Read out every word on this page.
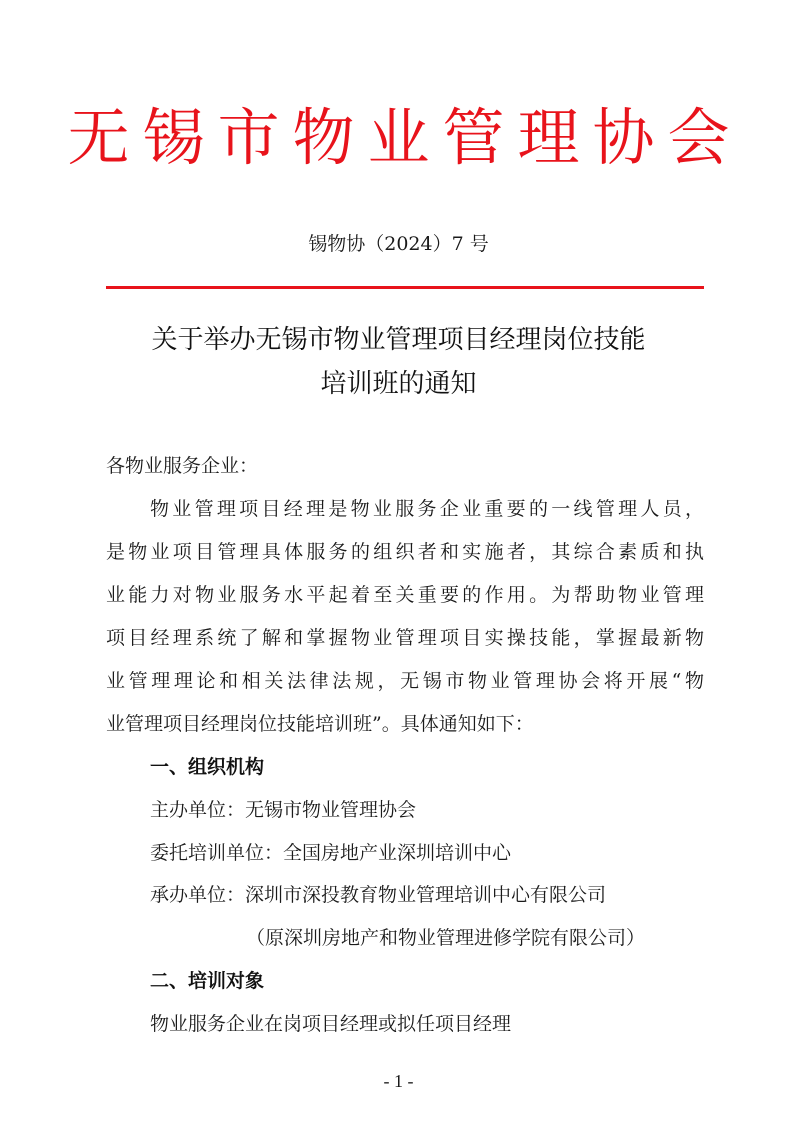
无锡市物业管理协会
锡物协（2024）7 号
关于举办无锡市物业管理项目经理岗位技能
培训班的通知
各物业服务企业：
物业管理项目经理是物业服务企业重要的一线管理人员，
是物业项目管理具体服务的组织者和实施者，其综合素质和执
业能力对物业服务水平起着至关重要的作用。为帮助物业管理
项目经理系统了解和掌握物业管理项目实操技能，掌握最新物
业管理理论和相关法律法规，无锡市物业管理协会将开展“物
业管理项目经理岗位技能培训班”。具体通知如下：
一、组织机构
主办单位：无锡市物业管理协会
委托培训单位：全国房地产业深圳培训中心
承办单位：深圳市深投教育物业管理培训中心有限公司
（原深圳房地产和物业管理进修学院有限公司）
二、培训对象
物业服务企业在岗项目经理或拟任项目经理
- 1 -
